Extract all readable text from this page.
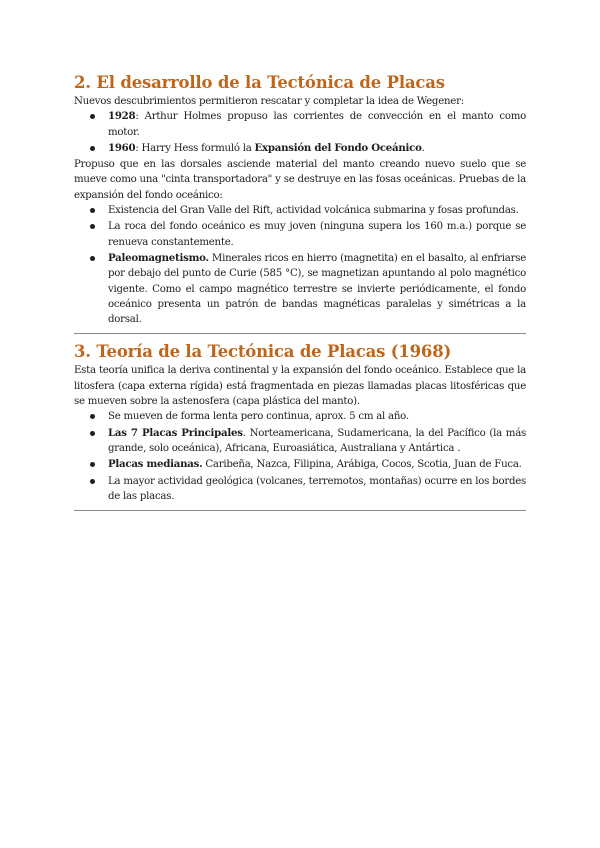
2. El desarrollo de la Tectónica de Placas

Nuevos descubrimientos permitieron rescatar y completar la idea de Wegener:

1928: Arthur Holmes propuso las corrientes de convección en el manto como motor.
1960: Harry Hess formuló la Expansión del Fondo Oceánico.

Propuso que en las dorsales asciende material del manto creando nuevo suelo que se mueve como una "cinta transportadora" y se destruye en las fosas oceánicas. Pruebas de la expansión del fondo oceánico:

Existencia del Gran Valle del Rift, actividad volcánica submarina y fosas profundas.
La roca del fondo oceánico es muy joven (ninguna supera los 160 m.a.) porque se renueva constantemente.
Paleomagnetismo. Minerales ricos en hierro (magnetita) en el basalto, al enfriarse por debajo del punto de Curie (585 °C), se magnetizan apuntando al polo magnético vigente. Como el campo magnético terrestre se invierte periódicamente, el fondo oceánico presenta un patrón de bandas magnéticas paralelas y simétricas a la dorsal.
3. Teoría de la Tectónica de Placas (1968)

Esta teoría unifica la deriva continental y la expansión del fondo oceánico. Establece que la litosfera (capa externa rígida) está fragmentada en piezas llamadas placas litosféricas que se mueven sobre la astenosfera (capa plástica del manto).

Se mueven de forma lenta pero continua, aprox. 5 cm al año.
Las 7 Placas Principales. Norteamericana, Sudamericana, la del Pacífico (la más grande, solo oceánica), Africana, Euroasiática, Australiana y Antártica .
Placas medianas. Caribeña, Nazca, Filipina, Arábiga, Cocos, Scotia, Juan de Fuca.
La mayor actividad geológica (volcanes, terremotos, montañas) ocurre en los bordes de las placas.
